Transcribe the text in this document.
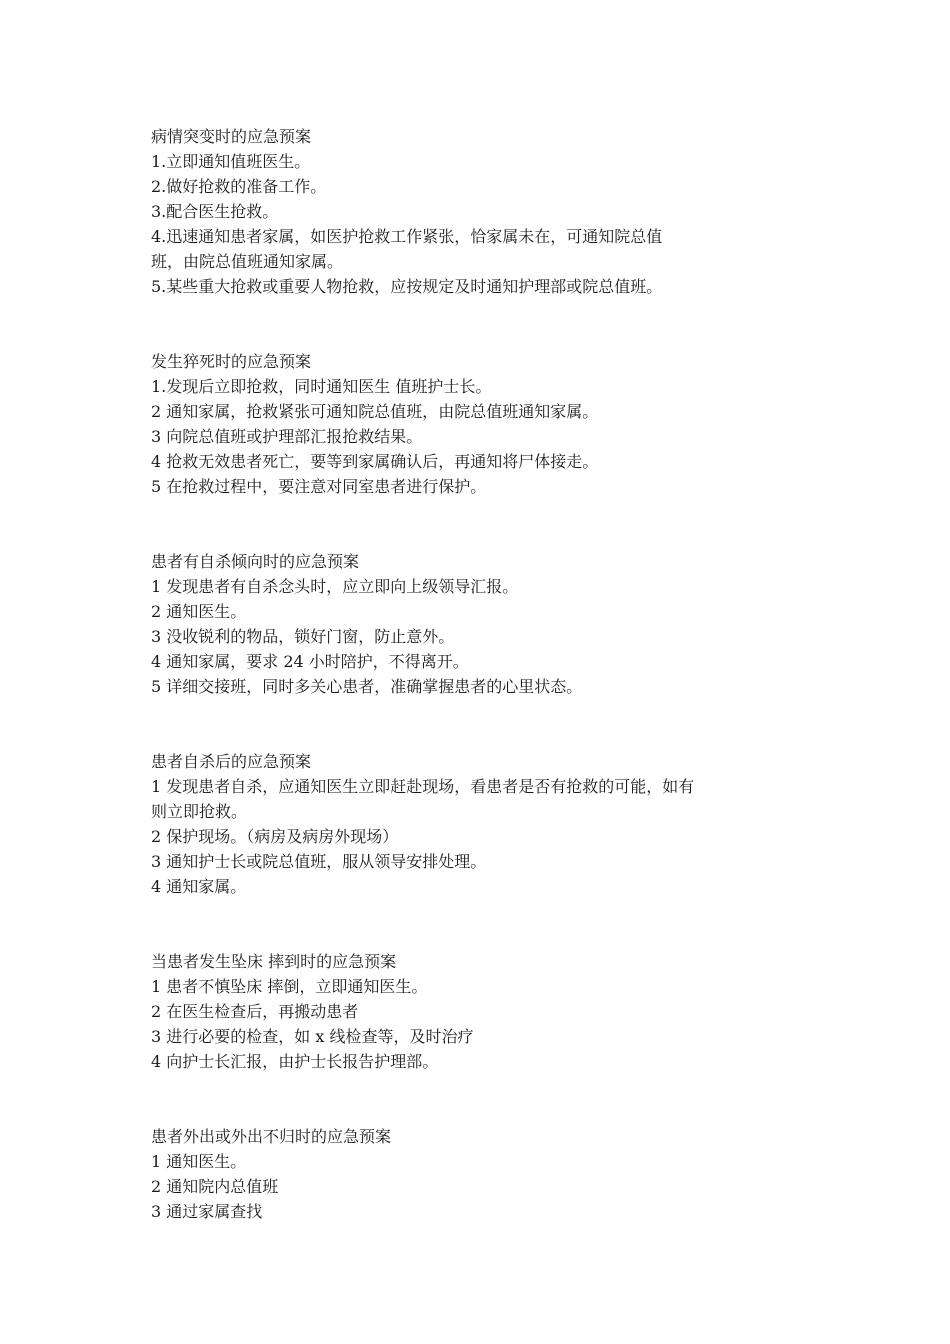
病情突变时的应急预案

1.立即通知值班医生。

2.做好抢救的准备工作。

3.配合医生抢救。

4.迅速通知患者家属，如医护抢救工作紧张，恰家属未在，可通知院总值

班，由院总值班通知家属。

5.某些重大抢救或重要人物抢救，应按规定及时通知护理部或院总值班。

发生猝死时的应急预案

1.发现后立即抢救，同时通知医生 值班护士长。

2 通知家属，抢救紧张可通知院总值班，由院总值班通知家属。

3 向院总值班或护理部汇报抢救结果。

4 抢救无效患者死亡，要等到家属确认后，再通知将尸体接走。

5 在抢救过程中，要注意对同室患者进行保护。

患者有自杀倾向时的应急预案

1 发现患者有自杀念头时，应立即向上级领导汇报。

2 通知医生。

3 没收锐利的物品，锁好门窗，防止意外。

4 通知家属，要求 24 小时陪护，不得离开。

5 详细交接班，同时多关心患者，准确掌握患者的心里状态。

患者自杀后的应急预案

1 发现患者自杀，应通知医生立即赶赴现场，看患者是否有抢救的可能，如有

则立即抢救。

2 保护现场。（病房及病房外现场）

3 通知护士长或院总值班，服从领导安排处理。

4 通知家属。

当患者发生坠床 摔到时的应急预案

1 患者不慎坠床 摔倒，立即通知医生。

2 在医生检查后，再搬动患者

3 进行必要的检查，如 x 线检查等，及时治疗

4 向护士长汇报，由护士长报告护理部。

患者外出或外出不归时的应急预案

1 通知医生。

2 通知院内总值班

3 通过家属查找
